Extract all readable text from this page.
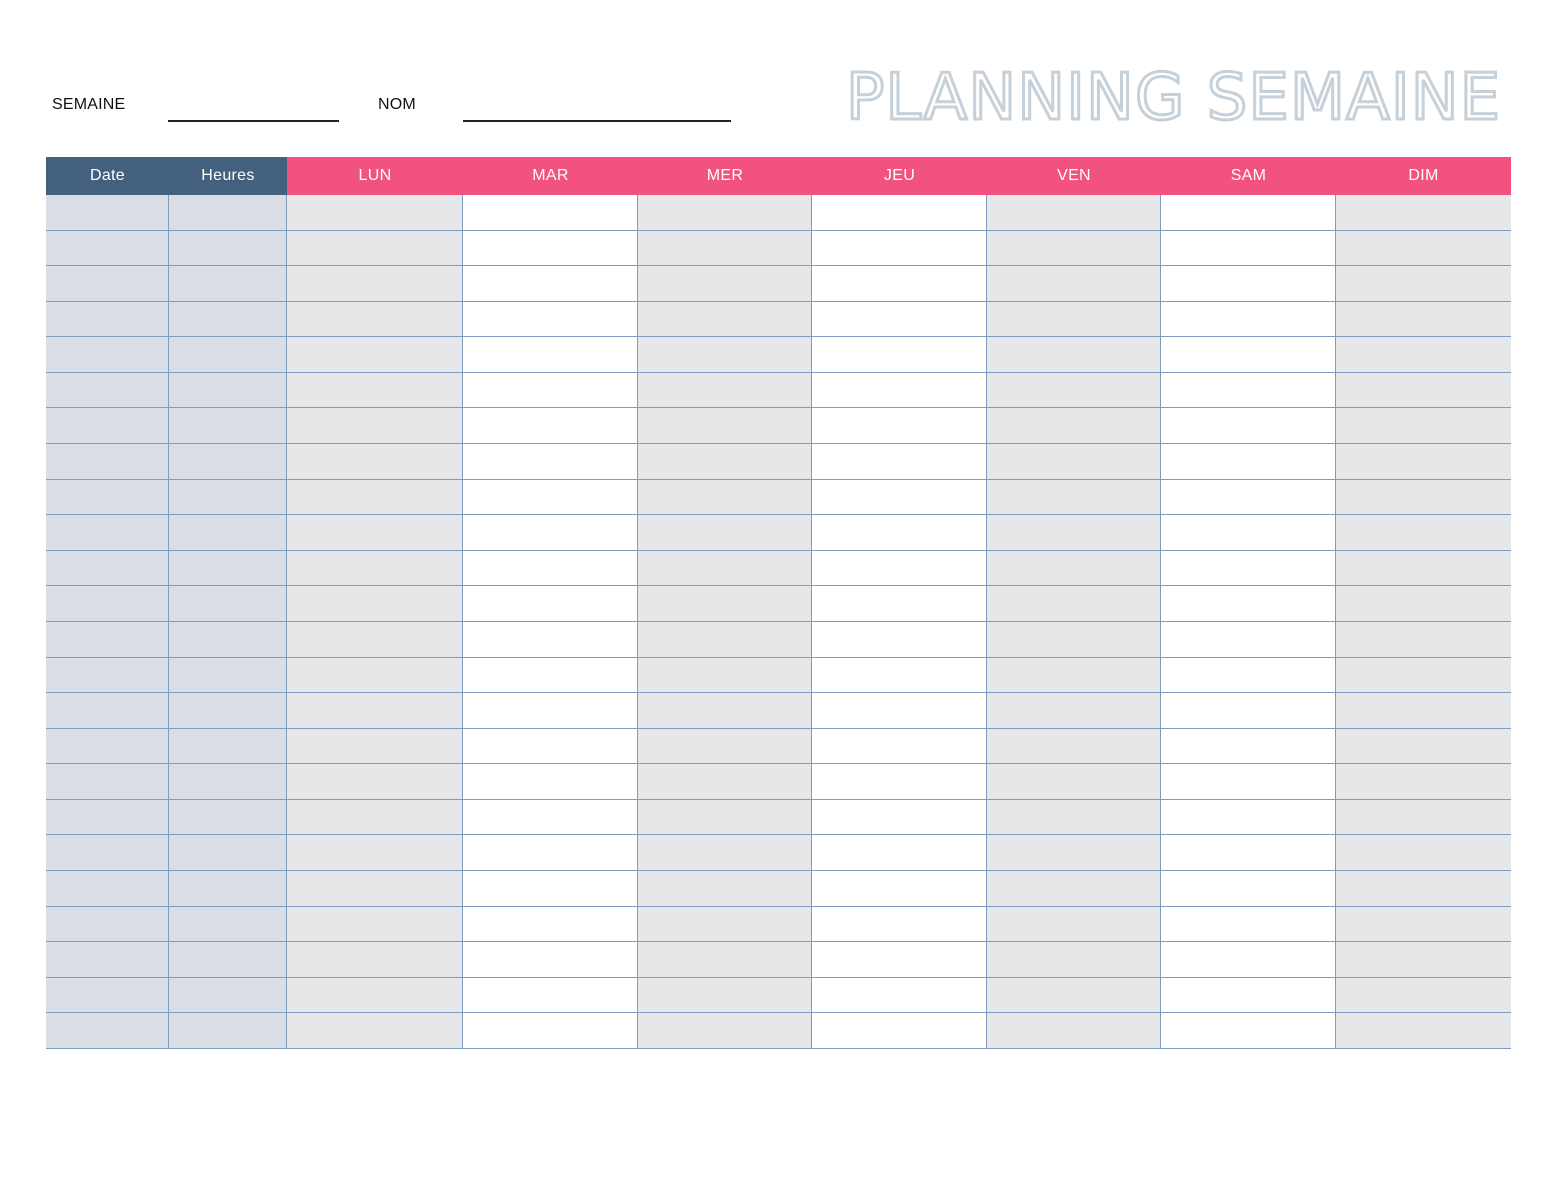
SEMAINE	NOM	PLANNING SEMAINE
Date	Heures	LUN	MAR	MER	JEU	VEN	SAM	DIM
